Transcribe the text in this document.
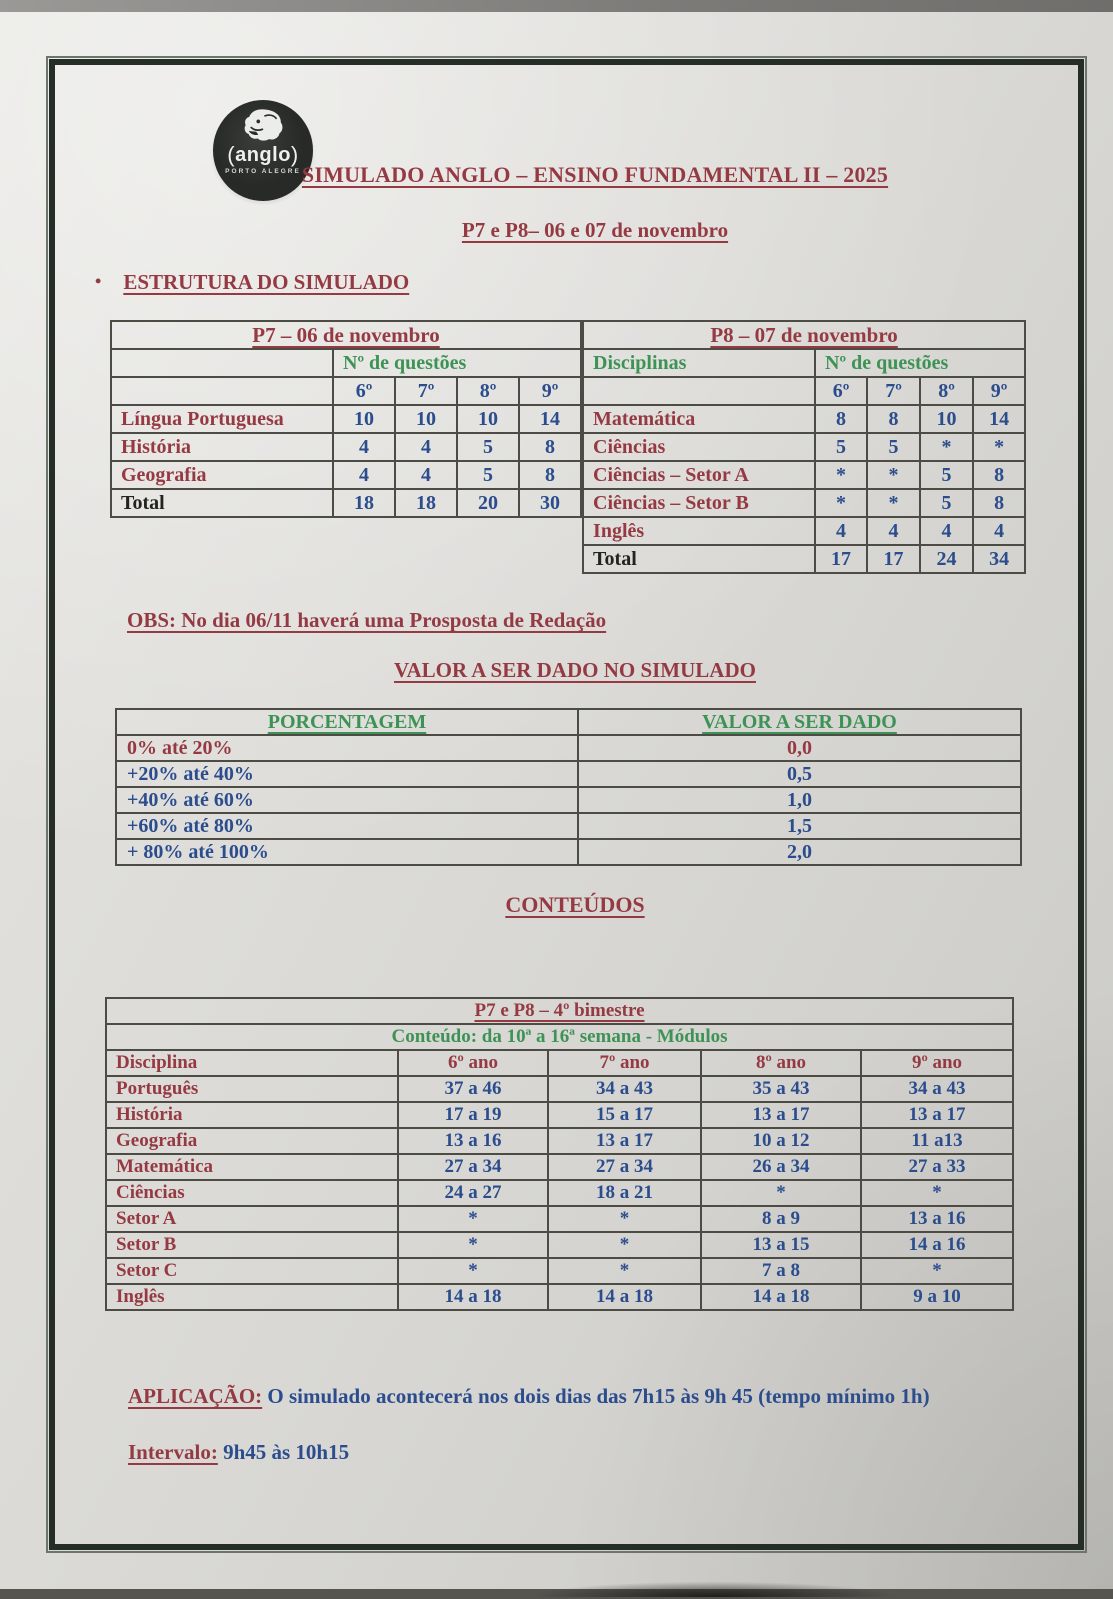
(anglo)
PORTO ALEGRE SIMULADO ANGLO – ENSINO FUNDAMENTAL II – 2025
P7 e P8– 06 e 07 de novembro
• ESTRUTURA DO SIMULADO
P7 – 06 de novembro				
	Nº de questões			
	6º	7º	8º	9º
Língua Portuguesa	10	10	10	14
História	4	4	5	8
Geografia	4	4	5	8
Total	18	18	20	30
P8 – 07 de novembro				
Disciplinas	Nº de questões			
	6º	7º	8º	9º
Matemática	8	8	10	14
Ciências	5	5	*	*
Ciências – Setor A	*	*	5	8
Ciências – Setor B	*	*	5	8
Inglês	4	4	4	4
Total	17	17	24	34
OBS: No dia 06/11 haverá uma Prosposta de Redação
VALOR A SER DADO NO SIMULADO
PORCENTAGEM	VALOR A SER DADO
0% até 20%	0,0
+20% até 40%	0,5
+40% até 60%	1,0
+60% até 80%	1,5
+ 80% até 100%	2,0
CONTEÚDOS
P7 e P8 – 4º bimestre				
Conteúdo: da 10ª a 16ª semana - Módulos				
Disciplina	6º ano	7º ano	8º ano	9º ano
Português	37 a 46	34 a 43	35 a 43	34 a 43
História	17 a 19	15 a 17	13 a 17	13 a 17
Geografia	13 a 16	13 a 17	10 a 12	11 a13
Matemática	27 a 34	27 a 34	26 a 34	27 a 33
Ciências	24 a 27	18 a 21	*	*
Setor A	*	*	8 a 9	13 a 16
Setor B	*	*	13 a 15	14 a 16
Setor C	*	*	7 a 8	*
Inglês	14 a 18	14 a 18	14 a 18	9 a 10
APLICAÇÃO: O simulado acontecerá nos dois dias das 7h15 às 9h 45 (tempo mínimo 1h)
Intervalo: 9h45 às 10h15
